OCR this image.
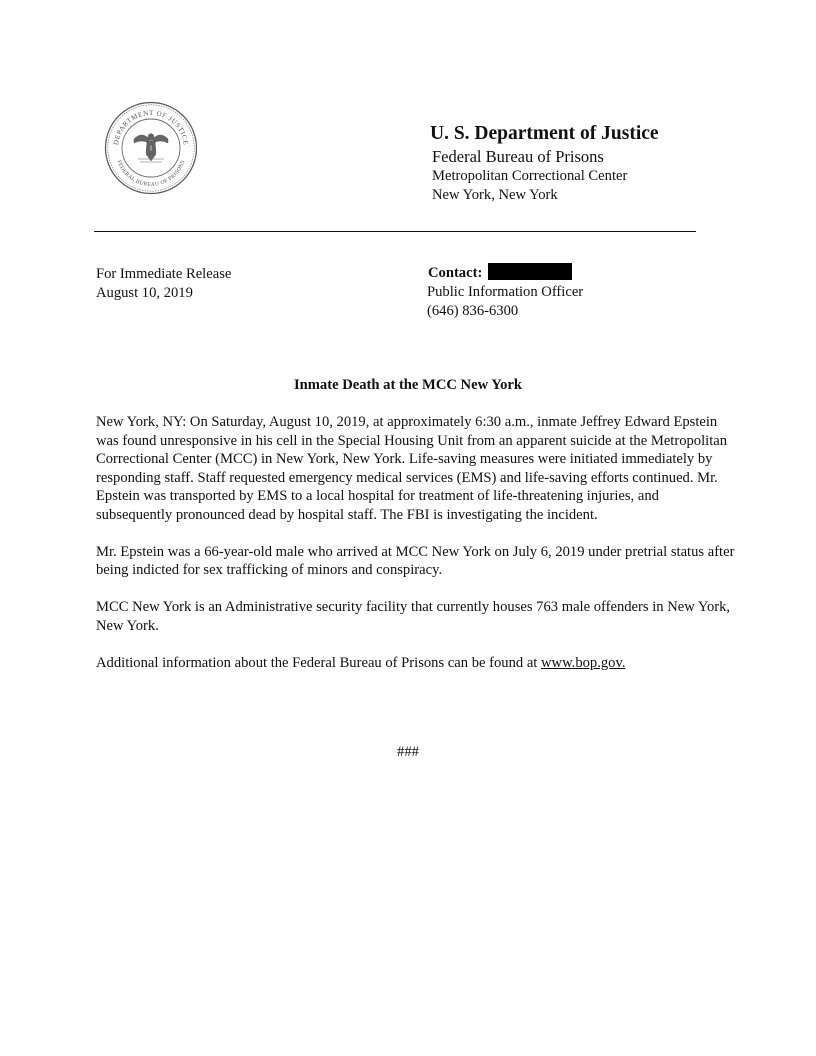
DEPARTMENT OF JUSTICE
FEDERAL BUREAU OF PRISONS
U. S. Department of Justice
Federal Bureau of Prisons
Metropolitan Correctional Center
New York, New York
For Immediate Release
August 10, 2019
Contact:
Public Information Officer
(646) 836-6300
Inmate Death at the MCC New York

New York, NY: On Saturday, August 10, 2019, at approximately 6:30 a.m., inmate Jeffrey Edward Epstein was found unresponsive in his cell in the Special Housing Unit from an apparent suicide at the Metropolitan Correctional Center (MCC) in New York, New York. Life-saving measures were initiated immediately by responding staff. Staff requested emergency medical services (EMS) and life-saving efforts continued. Mr. Epstein was transported by EMS to a local hospital for treatment of life-threatening injuries, and subsequently pronounced dead by hospital staff. The FBI is investigating the incident.

Mr. Epstein was a 66-year-old male who arrived at MCC New York on July 6, 2019 under pretrial status after being indicted for sex trafficking of minors and conspiracy.

MCC New York is an Administrative security facility that currently houses 763 male offenders in New York, New York.

Additional information about the Federal Bureau of Prisons can be found at www.bop.gov.

###
